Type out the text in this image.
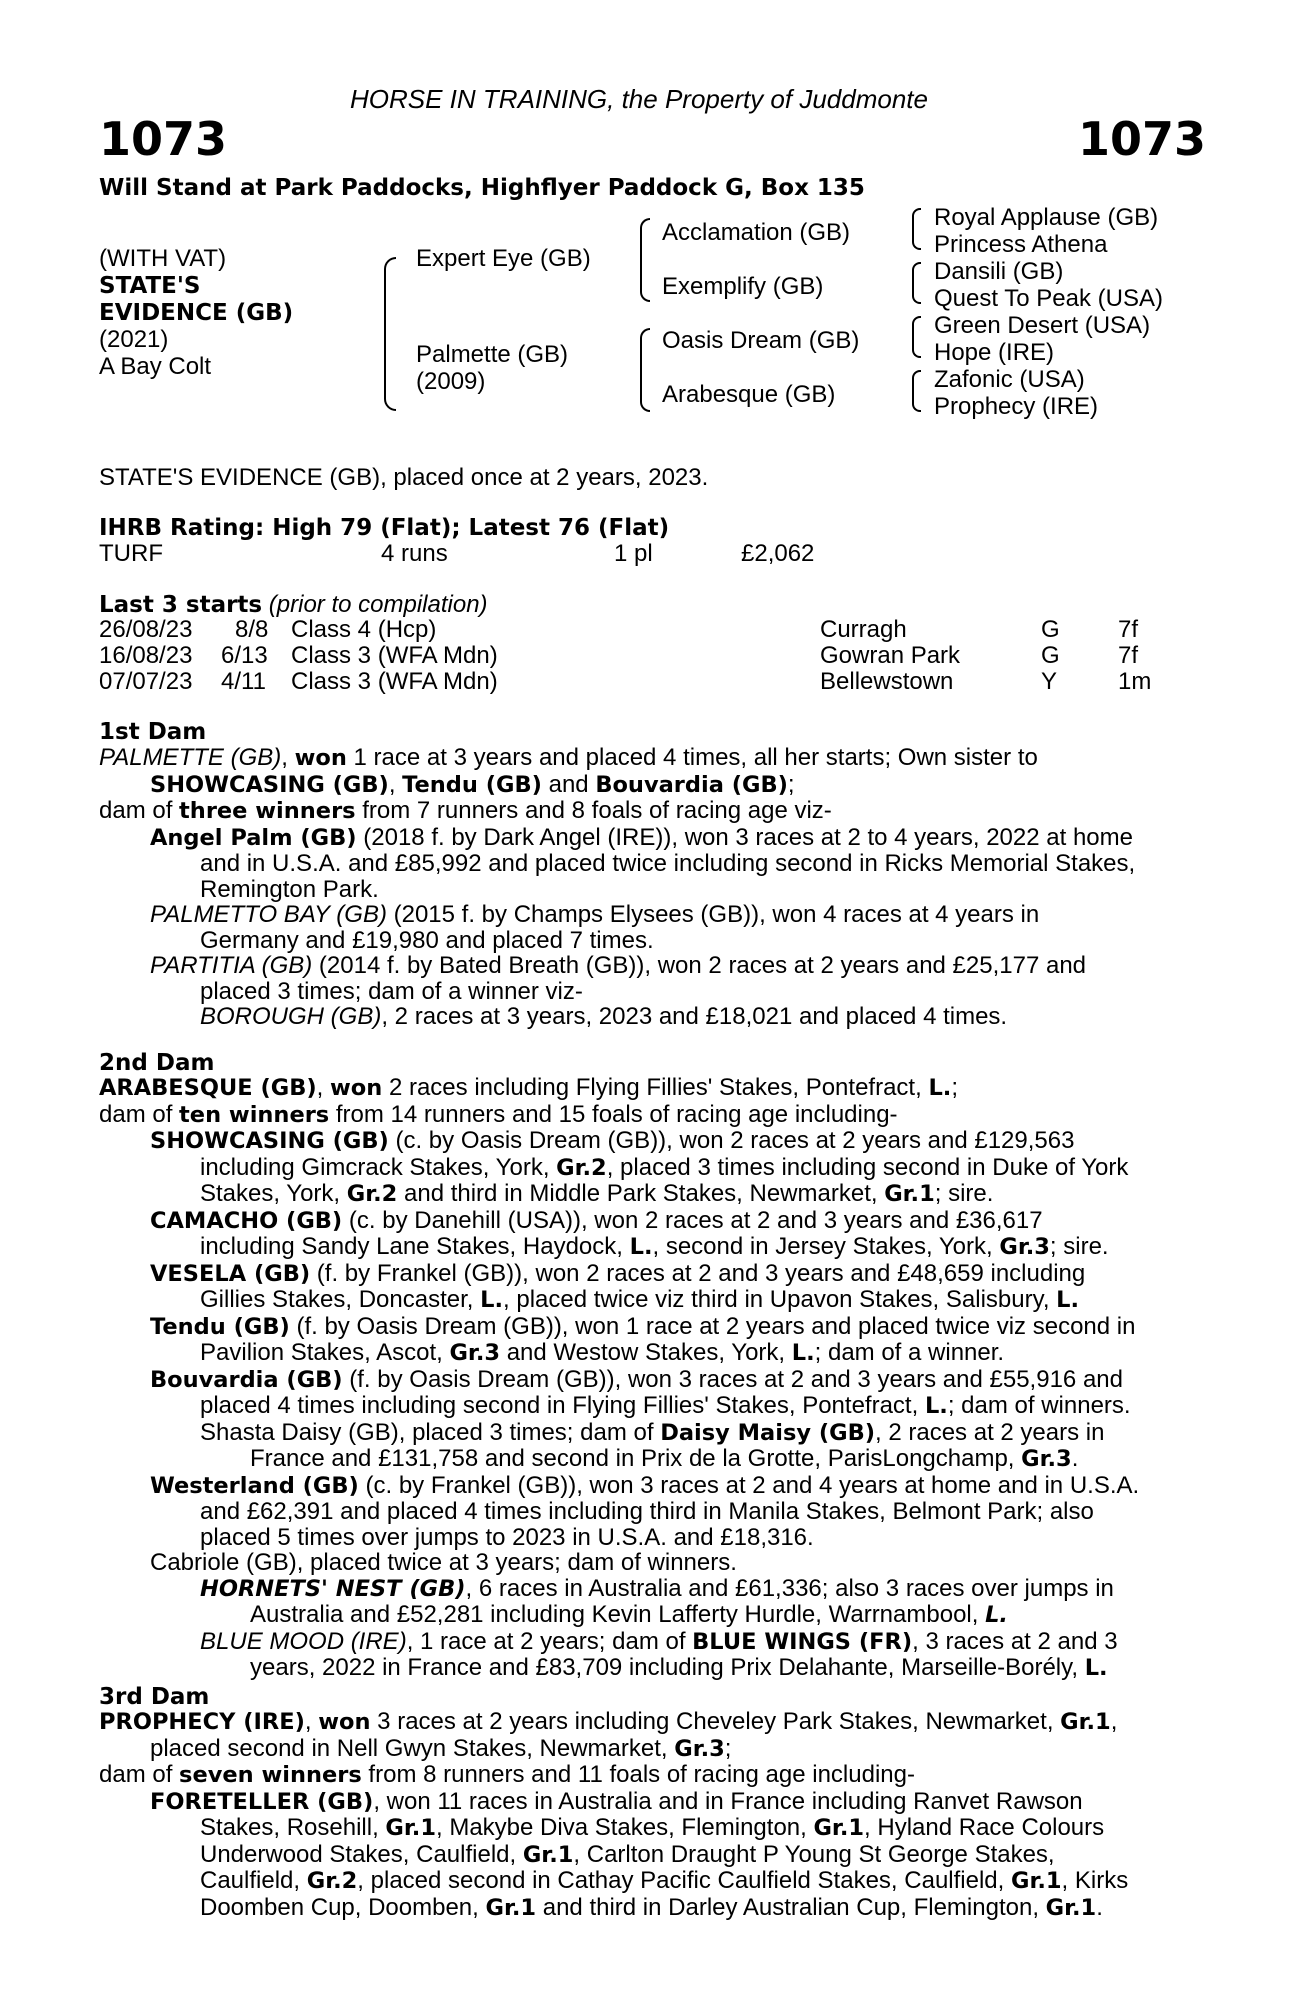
HORSE IN TRAINING, the Property of Juddmonte
1073	1073
Will Stand at Park Paddocks, Highflyer Paddock G, Box 135
(WITH VAT)
STATE'S
EVIDENCE (GB)
(2021)
A Bay Colt
Expert Eye (GB)
Palmette (GB)
(2009)
Acclamation (GB)
Exemplify (GB)
Oasis Dream (GB)
Arabesque (GB)
Royal Applause (GB)
Princess Athena
Dansili (GB)
Quest To Peak (USA)
Green Desert (USA)
Hope (IRE)
Zafonic (USA)
Prophecy (IRE)
STATE'S EVIDENCE (GB), placed once at 2 years, 2023.
IHRB Rating: High 79 (Flat); Latest 76 (Flat)
TURF	4 runs	1 pl	£2,062
Last 3 starts (prior to compilation)
26/08/23 8/8 Class 4 (Hcp)	Curragh	G 7f
16/08/23 6/13 Class 3 (WFA Mdn)	Gowran Park	G 7f
07/07/23 4/11 Class 3 (WFA Mdn)	Bellewstown	Y	1m
1st Dam
PALMETTE (GB), won 1 race at 3 years and placed 4 times, all her starts; Own sister to
SHOWCASING (GB), Tendu (GB) and Bouvardia (GB);
dam of three winners from 7 runners and 8 foals of racing age viz-
Angel Palm (GB) (2018 f. by Dark Angel (IRE)), won 3 races at 2 to 4 years, 2022 at home
and in U.S.A. and £85,992 and placed twice including second in Ricks Memorial Stakes,
Remington Park.
PALMETTO BAY (GB) (2015 f. by Champs Elysees (GB)), won 4 races at 4 years in
Germany and £19,980 and placed 7 times.
PARTITIA (GB) (2014 f. by Bated Breath (GB)), won 2 races at 2 years and £25,177 and
placed 3 times; dam of a winner viz-
BOROUGH (GB), 2 races at 3 years, 2023 and £18,021 and placed 4 times.
2nd Dam
ARABESQUE (GB), won 2 races including Flying Fillies' Stakes, Pontefract, L.;
dam of ten winners from 14 runners and 15 foals of racing age including-
SHOWCASING (GB) (c. by Oasis Dream (GB)), won 2 races at 2 years and £129,563
including Gimcrack Stakes, York, Gr.2, placed 3 times including second in Duke of York
Stakes, York, Gr.2 and third in Middle Park Stakes, Newmarket, Gr.1; sire.
CAMACHO (GB) (c. by Danehill (USA)), won 2 races at 2 and 3 years and £36,617
including Sandy Lane Stakes, Haydock, L., second in Jersey Stakes, York, Gr.3; sire.
VESELA (GB) (f. by Frankel (GB)), won 2 races at 2 and 3 years and £48,659 including
Gillies Stakes, Doncaster, L., placed twice viz third in Upavon Stakes, Salisbury, L.
Tendu (GB) (f. by Oasis Dream (GB)), won 1 race at 2 years and placed twice viz second in
Pavilion Stakes, Ascot, Gr.3 and Westow Stakes, York, L.; dam of a winner.
Bouvardia (GB) (f. by Oasis Dream (GB)), won 3 races at 2 and 3 years and £55,916 and
placed 4 times including second in Flying Fillies' Stakes, Pontefract, L.; dam of winners.
Shasta Daisy (GB), placed 3 times; dam of Daisy Maisy (GB), 2 races at 2 years in
France and £131,758 and second in Prix de la Grotte, ParisLongchamp, Gr.3.
Westerland (GB) (c. by Frankel (GB)), won 3 races at 2 and 4 years at home and in U.S.A.
and £62,391 and placed 4 times including third in Manila Stakes, Belmont Park; also
placed 5 times over jumps to 2023 in U.S.A. and £18,316.
Cabriole (GB), placed twice at 3 years; dam of winners.
HORNETS' NEST (GB), 6 races in Australia and £61,336; also 3 races over jumps in
Australia and £52,281 including Kevin Lafferty Hurdle, Warrnambool, L.
BLUE MOOD (IRE), 1 race at 2 years; dam of BLUE WINGS (FR), 3 races at 2 and 3
years, 2022 in France and £83,709 including Prix Delahante, Marseille-Borély, L.
3rd Dam
PROPHECY (IRE), won 3 races at 2 years including Cheveley Park Stakes, Newmarket, Gr.1,
placed second in Nell Gwyn Stakes, Newmarket, Gr.3;
dam of seven winners from 8 runners and 11 foals of racing age including-
FORETELLER (GB), won 11 races in Australia and in France including Ranvet Rawson
Stakes, Rosehill, Gr.1, Makybe Diva Stakes, Flemington, Gr.1, Hyland Race Colours
Underwood Stakes, Caulfield, Gr.1, Carlton Draught P Young St George Stakes,
Caulfield, Gr.2, placed second in Cathay Pacific Caulfield Stakes, Caulfield, Gr.1, Kirks
Doomben Cup, Doomben, Gr.1 and third in Darley Australian Cup, Flemington, Gr.1.
